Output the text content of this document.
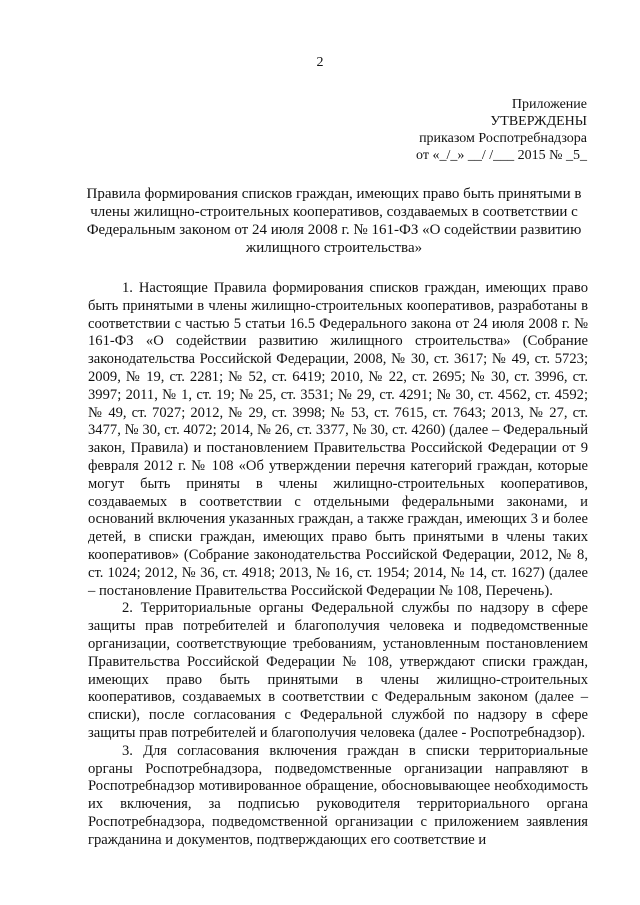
2
Приложение
УТВЕРЖДЕНЫ
приказом Роспотребнадзора
от «_/_» __/ /___ 2015 № _5_
Правила формирования списков граждан, имеющих право быть принятыми в члены жилищно-строительных кооперативов, создаваемых в соответствии с Федеральным законом от 24 июля 2008 г. № 161-ФЗ «О содействии развитию жилищного строительства»

1. Настоящие Правила формирования списков граждан, имеющих право быть принятыми в члены жилищно-строительных кооперативов, разработаны в соответствии с частью 5 статьи 16.5 Федерального закона от 24 июля 2008 г. № 161-ФЗ «О содействии развитию жилищного строительства» (Собрание законодательства Российской Федерации, 2008, № 30, ст. 3617; № 49, ст. 5723; 2009, № 19, ст. 2281; № 52, ст. 6419; 2010, № 22, ст. 2695; № 30, ст. 3996, ст. 3997; 2011, № 1, ст. 19; № 25, ст. 3531; № 29, ст. 4291; № 30, ст. 4562, ст. 4592; № 49, ст. 7027; 2012, № 29, ст. 3998; № 53, ст. 7615, ст. 7643; 2013, № 27, ст. 3477, № 30, ст. 4072; 2014, № 26, ст. 3377, № 30, ст. 4260) (далее – Федеральный закон, Правила) и постановлением Правительства Российской Федерации от 9 февраля 2012 г. № 108 «Об утверждении перечня категорий граждан, которые могут быть приняты в члены жилищно-строительных кооперативов, создаваемых в соответствии с отдельными федеральными законами, и оснований включения указанных граждан, а также граждан, имеющих 3 и более детей, в списки граждан, имеющих право быть принятыми в члены таких кооперативов» (Собрание законодательства Российской Федерации, 2012, № 8, ст. 1024; 2012, № 36, ст. 4918; 2013, № 16, ст. 1954; 2014, № 14, ст. 1627) (далее – постановление Правительства Российской Федерации № 108, Перечень).

2. Территориальные органы Федеральной службы по надзору в сфере защиты прав потребителей и благополучия человека и подведомственные организации, соответствующие требованиям, установленным постановлением Правительства Российской Федерации № 108, утверждают списки граждан, имеющих право быть принятыми в члены жилищно-строительных кооперативов, создаваемых в соответствии с Федеральным законом (далее – списки), после согласования с Федеральной службой по надзору в сфере защиты прав потребителей и благополучия человека (далее - Роспотребнадзор).

3. Для согласования включения граждан в списки территориальные органы Роспотребнадзора, подведомственные организации направляют в Роспотребнадзор мотивированное обращение, обосновывающее необходимость их включения, за подписью руководителя территориального органа Роспотребнадзора, подведомственной организации с приложением заявления гражданина и документов, подтверждающих его соответствие и
